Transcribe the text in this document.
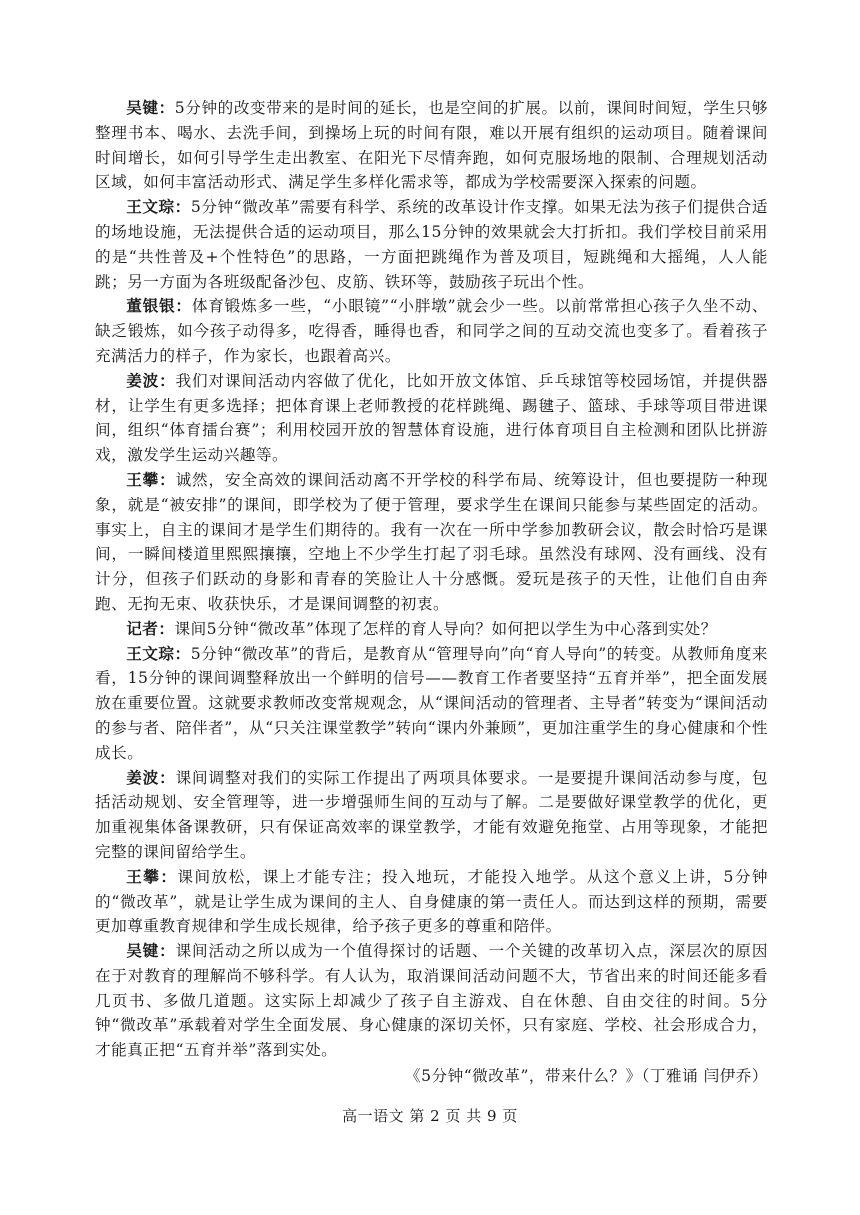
吴键：5分钟的改变带来的是时间的延长，也是空间的扩展。以前，课间时间短，学生只够整理书本、喝水、去洗手间，到操场上玩的时间有限，难以开展有组织的运动项目。随着课间时间增长，如何引导学生走出教室、在阳光下尽情奔跑，如何克服场地的限制、合理规划活动区域，如何丰富活动形式、满足学生多样化需求等，都成为学校需要深入探索的问题。

王文琮：5分钟“微改革”需要有科学、系统的改革设计作支撑。如果无法为孩子们提供合适的场地设施，无法提供合适的运动项目，那么15分钟的效果就会大打折扣。我们学校目前采用的是“共性普及+个性特色”的思路，一方面把跳绳作为普及项目，短跳绳和大摇绳，人人能跳；另一方面为各班级配备沙包、皮筋、铁环等，鼓励孩子玩出个性。

董银银：体育锻炼多一些，“小眼镜”“小胖墩”就会少一些。以前常常担心孩子久坐不动、缺乏锻炼，如今孩子动得多，吃得香，睡得也香，和同学之间的互动交流也变多了。看着孩子充满活力的样子，作为家长，也跟着高兴。

姜波：我们对课间活动内容做了优化，比如开放文体馆、乒乓球馆等校园场馆，并提供器材，让学生有更多选择；把体育课上老师教授的花样跳绳、踢毽子、篮球、手球等项目带进课间，组织“体育擂台赛”；利用校园开放的智慧体育设施，进行体育项目自主检测和团队比拼游戏，激发学生运动兴趣等。

王攀：诚然，安全高效的课间活动离不开学校的科学布局、统筹设计，但也要提防一种现象，就是“被安排”的课间，即学校为了便于管理，要求学生在课间只能参与某些固定的活动。事实上，自主的课间才是学生们期待的。我有一次在一所中学参加教研会议，散会时恰巧是课间，一瞬间楼道里熙熙攘攘，空地上不少学生打起了羽毛球。虽然没有球网、没有画线、没有计分，但孩子们跃动的身影和青春的笑脸让人十分感慨。爱玩是孩子的天性，让他们自由奔跑、无拘无束、收获快乐，才是课间调整的初衷。

记者：课间5分钟“微改革”体现了怎样的育人导向？如何把以学生为中心落到实处？

王文琮：5分钟“微改革”的背后，是教育从“管理导向”向“育人导向”的转变。从教师角度来看，15分钟的课间调整释放出一个鲜明的信号——教育工作者要坚持“五育并举”，把全面发展放在重要位置。这就要求教师改变常规观念，从“课间活动的管理者、主导者”转变为“课间活动的参与者、陪伴者”，从“只关注课堂教学”转向“课内外兼顾”，更加注重学生的身心健康和个性成长。

姜波：课间调整对我们的实际工作提出了两项具体要求。一是要提升课间活动参与度，包括活动规划、安全管理等，进一步增强师生间的互动与了解。二是要做好课堂教学的优化，更加重视集体备课教研，只有保证高效率的课堂教学，才能有效避免拖堂、占用等现象，才能把完整的课间留给学生。

王攀：课间放松，课上才能专注；投入地玩，才能投入地学。从这个意义上讲，5分钟的“微改革”，就是让学生成为课间的主人、自身健康的第一责任人。而达到这样的预期，需要更加尊重教育规律和学生成长规律，给予孩子更多的尊重和陪伴。

吴键：课间活动之所以成为一个值得探讨的话题、一个关键的改革切入点，深层次的原因在于对教育的理解尚不够科学。有人认为，取消课间活动问题不大，节省出来的时间还能多看几页书、多做几道题。这实际上却减少了孩子自主游戏、自在休憩、自由交往的时间。5分钟“微改革”承载着对学生全面发展、身心健康的深切关怀，只有家庭、学校、社会形成合力，才能真正把“五育并举”落到实处。

《5分钟“微改革”，带来什么？》（丁雅诵 闫伊乔）

高一语文 第 2 页 共 9 页
